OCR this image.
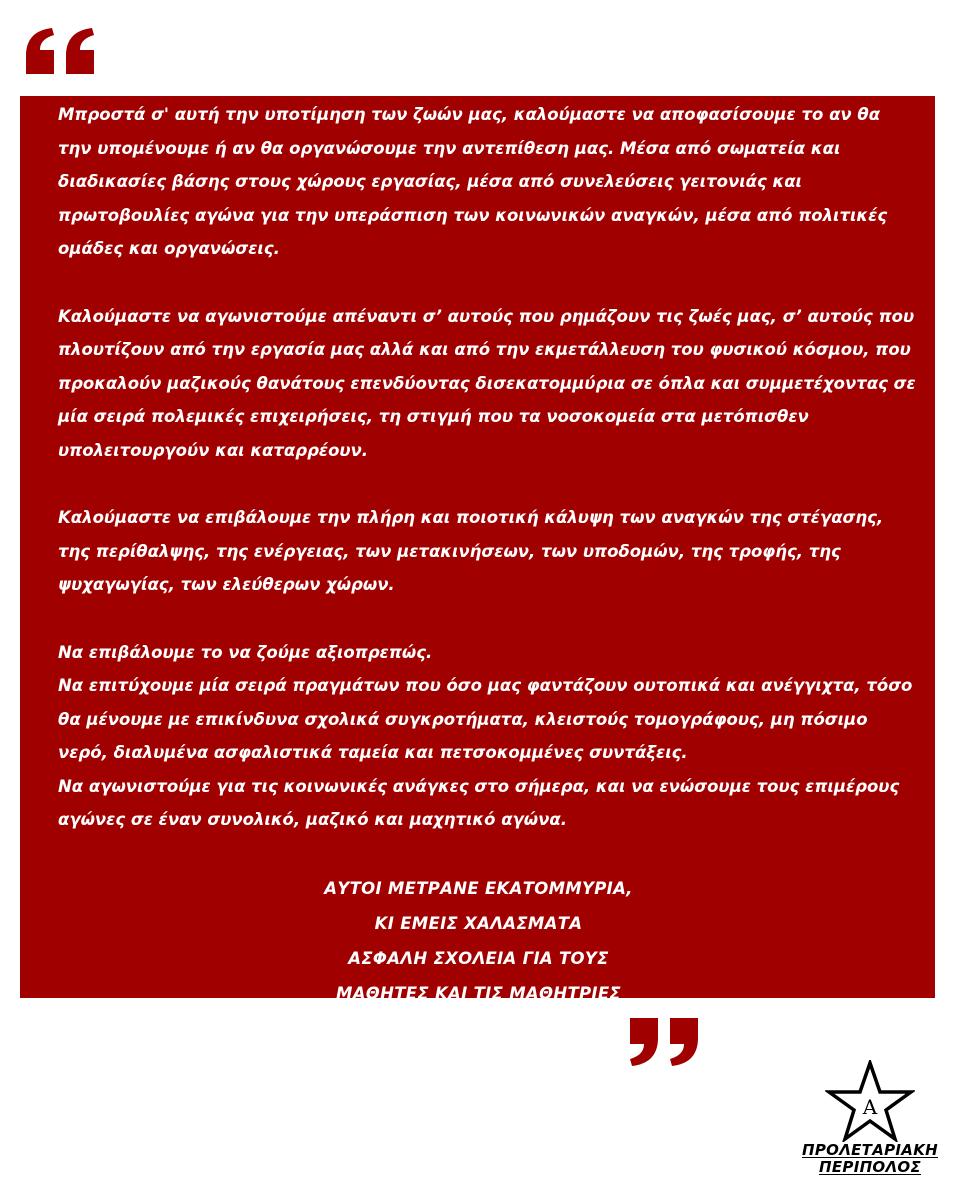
Μπροστά σ' αυτή την υποτίμηση των ζωών μας, καλούμαστε να αποφασίσουμε το αν θα την υπομένουμε ή αν θα οργανώσουμε την αντεπίθεση μας. Μέσα από σωματεία και διαδικασίες βάσης στους χώρους εργασίας, μέσα από συνελεύσεις γειτονιάς και πρωτοβουλίες αγώνα για την υπεράσπιση των κοινωνικών αναγκών, μέσα από πολιτικές ομάδες και οργανώσεις.
Καλούμαστε να αγωνιστούμε απέναντι σ’ αυτούς που ρημάζουν τις ζωές μας, σ’ αυτούς που πλουτίζουν από την εργασία μας αλλά και από την εκμετάλλευση του φυσικού κόσμου, που προκαλούν μαζικούς θανάτους επενδύοντας δισεκατομμύρια σε όπλα και συμμετέχοντας σε μία σειρά πολεμικές επιχειρήσεις, τη στιγμή που τα νοσοκομεία στα μετόπισθεν υπολειτουργούν και καταρρέουν.
Καλούμαστε να επιβάλουμε την πλήρη και ποιοτική κάλυψη των αναγκών της στέγασης, της περίθαλψης, της ενέργειας, των μετακινήσεων, των υποδομών, της τροφής, της ψυχαγωγίας, των ελεύθερων χώρων.

Να επιβάλουμε το να ζούμε αξιοπρεπώς.

Να επιτύχουμε μία σειρά πραγμάτων που όσο μας φαντάζουν ουτοπικά και ανέγγιχτα, τόσο θα μένουμε με επικίνδυνα σχολικά συγκροτήματα, κλειστούς τομογράφους, μη πόσιμο νερό, διαλυμένα ασφαλιστικά ταμεία και πετσοκομμένες συντάξεις.

Να αγωνιστούμε για τις κοινωνικές ανάγκες στο σήμερα, και να ενώσουμε τους επιμέρους αγώνες σε έναν συνολικό, μαζικό και μαχητικό αγώνα.

ΑΥΤΟΙ ΜΕΤΡΑΝΕ ΕΚΑΤΟΜΜΥΡΙΑ,
ΚΙ ΕΜΕΙΣ ΧΑΛΑΣΜΑΤΑ
ΑΣΦΑΛΗ ΣΧΟΛΕΙΑ ΓΙΑ ΤΟΥΣ
ΜΑΘΗΤΕΣ ΚΑΙ ΤΙΣ ΜΑΘΗΤΡΙΕΣ
A
ΠΡΟΛΕΤΑΡΙΑΚΗ
ΠΕΡΙΠΟΛΟΣ
